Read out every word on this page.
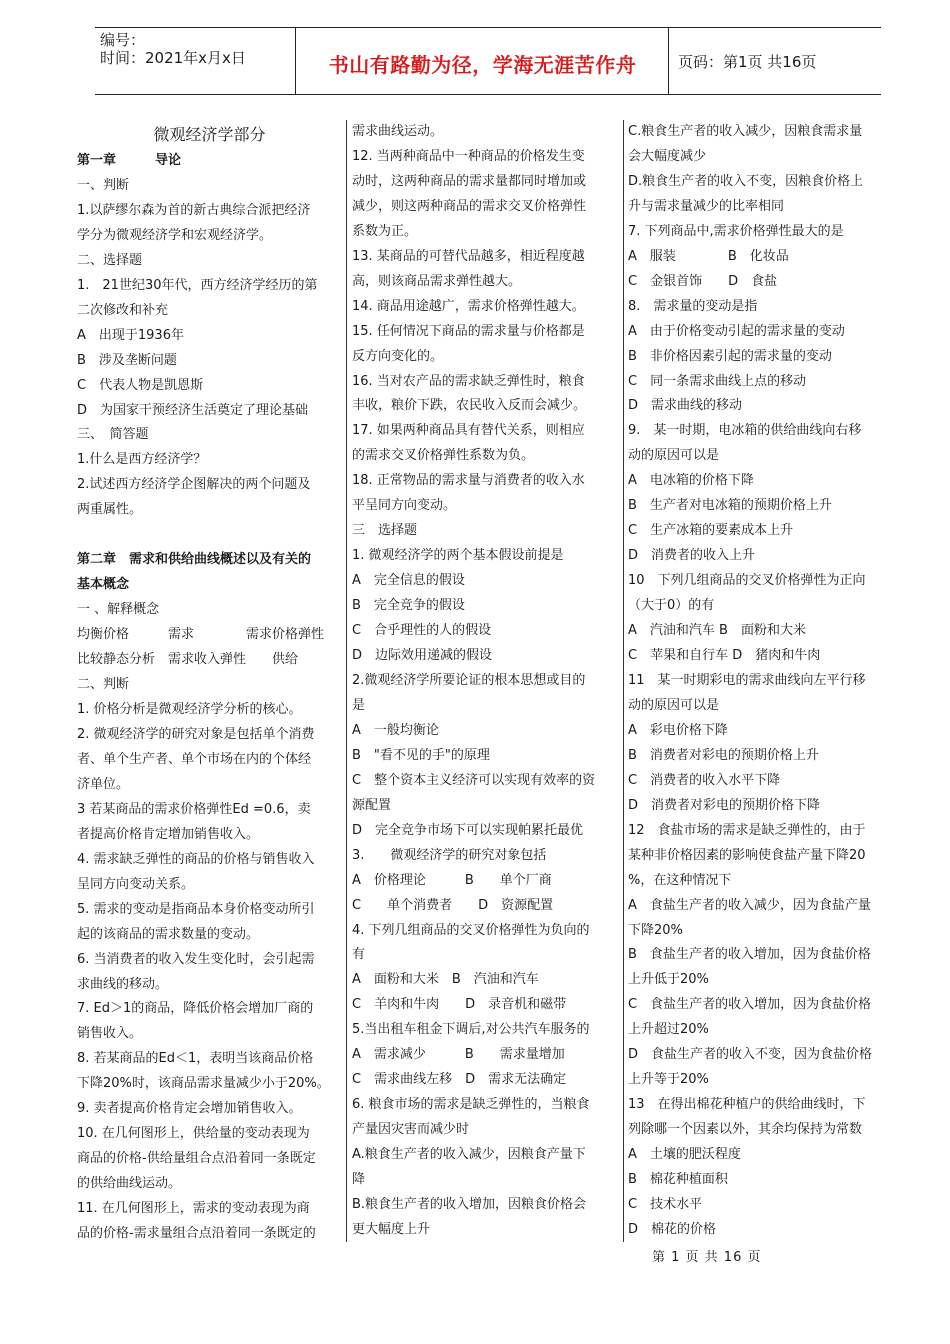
编号：
时间：2021年x月x日	书山有路勤为径，学海无涯苦作舟	页码：第1页 共16页

微观经济学部分

第一章　　　导论

一、判断

1.以萨缪尔森为首的新古典综合派把经济

学分为微观经济学和宏观经济学。

二、选择题

1.　21世纪30年代，西方经济学经历的第

二次修改和补充

A　出现于1936年

B　涉及垄断问题

C　代表人物是凯恩斯

D　为国家干预经济生活奠定了理论基础

三、　简答题

1.什么是西方经济学？

2.试述西方经济学企图解决的两个问题及

两重属性。

第二章　需求和供给曲线概述以及有关的

基本概念

一 、解释概念

均衡价格　　　需求　　　　需求价格弹性

比较静态分析　需求收入弹性　　供给

二、判断

1. 价格分析是微观经济学分析的核心。

2. 微观经济学的研究对象是包括单个消费

者、单个生产者、单个市场在内的个体经

济单位。

3 若某商品的需求价格弹性Ed =0.6，卖

者提高价格肯定增加销售收入。

4. 需求缺乏弹性的商品的价格与销售收入

呈同方向变动关系。

5. 需求的变动是指商品本身价格变动所引

起的该商品的需求数量的变动。

6. 当消费者的收入发生变化时，会引起需

求曲线的移动。

7. Ed＞1的商品，降低价格会增加厂商的

销售收入。

8. 若某商品的Ed＜1，表明当该商品价格

下降20%时，该商品需求量减少小于20%。

9. 卖者提高价格肯定会增加销售收入。

10. 在几何图形上，供给量的变动表现为

商品的价格-供给量组合点沿着同一条既定

的供给曲线运动。

11. 在几何图形上，需求的变动表现为商

品的价格-需求量组合点沿着同一条既定的

需求曲线运动。

12. 当两种商品中一种商品的价格发生变

动时，这两种商品的需求量都同时增加或

减少，则这两种商品的需求交叉价格弹性

系数为正。

13. 某商品的可替代品越多，相近程度越

高，则该商品需求弹性越大。

14. 商品用途越广，需求价格弹性越大。

15. 任何情况下商品的需求量与价格都是

反方向变化的。

16. 当对农产品的需求缺乏弹性时，粮食

丰收，粮价下跌，农民收入反而会减少。

17. 如果两种商品具有替代关系，则相应

的需求交叉价格弹性系数为负。

18. 正常物品的需求量与消费者的收入水

平呈同方向变动。

三　选择题

1. 微观经济学的两个基本假设前提是

A　完全信息的假设

B　完全竞争的假设

C　合乎理性的人的假设

D　边际效用递减的假设

2.微观经济学所要论证的根本思想或目的

是

A　一般均衡论

B　"看不见的手"的原理

C　整个资本主义经济可以实现有效率的资

源配置

D　完全竞争市场下可以实现帕累托最优

3.　　微观经济学的研究对象包括

A　价格理论　　　B　　单个厂商

C　　单个消费者　　D　资源配置

4. 下列几组商品的交叉价格弹性为负向的

有

A　面粉和大米　B　汽油和汽车

C　羊肉和牛肉　　D　录音机和磁带

5.当出租车租金下调后,对公共汽车服务的

A　需求减少　　　B　　需求量增加

C　需求曲线左移　D　需求无法确定

6. 粮食市场的需求是缺乏弹性的，当粮食

产量因灾害而减少时

A.粮食生产者的收入减少，因粮食产量下

降

B.粮食生产者的收入增加，因粮食价格会

更大幅度上升

C.粮食生产者的收入减少，因粮食需求量

会大幅度减少

D.粮食生产者的收入不变，因粮食价格上

升与需求量减少的比率相同

7. 下列商品中,需求价格弹性最大的是

A　服装　　　　B　化妆品

C　金银首饰　　D　食盐

8.　需求量的变动是指

A　由于价格变动引起的需求量的变动

B　非价格因素引起的需求量的变动

C　同一条需求曲线上点的移动

D　需求曲线的移动

9.　某一时期，电冰箱的供给曲线向右移

动的原因可以是

A　电冰箱的价格下降

B　生产者对电冰箱的预期价格上升

C　生产冰箱的要素成本上升

D　消费者的收入上升

10　下列几组商品的交叉价格弹性为正向

（大于0）的有

A　汽油和汽车 B　面粉和大米

C　苹果和自行车 D　猪肉和牛肉

11　某一时期彩电的需求曲线向左平行移

动的原因可以是

A　彩电价格下降

B　消费者对彩电的预期价格上升

C　消费者的收入水平下降

D　消费者对彩电的预期价格下降

12　食盐市场的需求是缺乏弹性的，由于

某种非价格因素的影响使食盐产量下降20

%，在这种情况下

A　食盐生产者的收入减少，因为食盐产量

下降20%

B　食盐生产者的收入增加，因为食盐价格

上升低于20%

C　食盐生产者的收入增加，因为食盐价格

上升超过20%

D　食盐生产者的收入不变，因为食盐价格

上升等于20%

13　在得出棉花种植户的供给曲线时，下

列除哪一个因素以外，其余均保持为常数

A　土壤的肥沃程度

B　棉花种植面积

C　技术水平

D　棉花的价格

第 1 页 共 16 页
